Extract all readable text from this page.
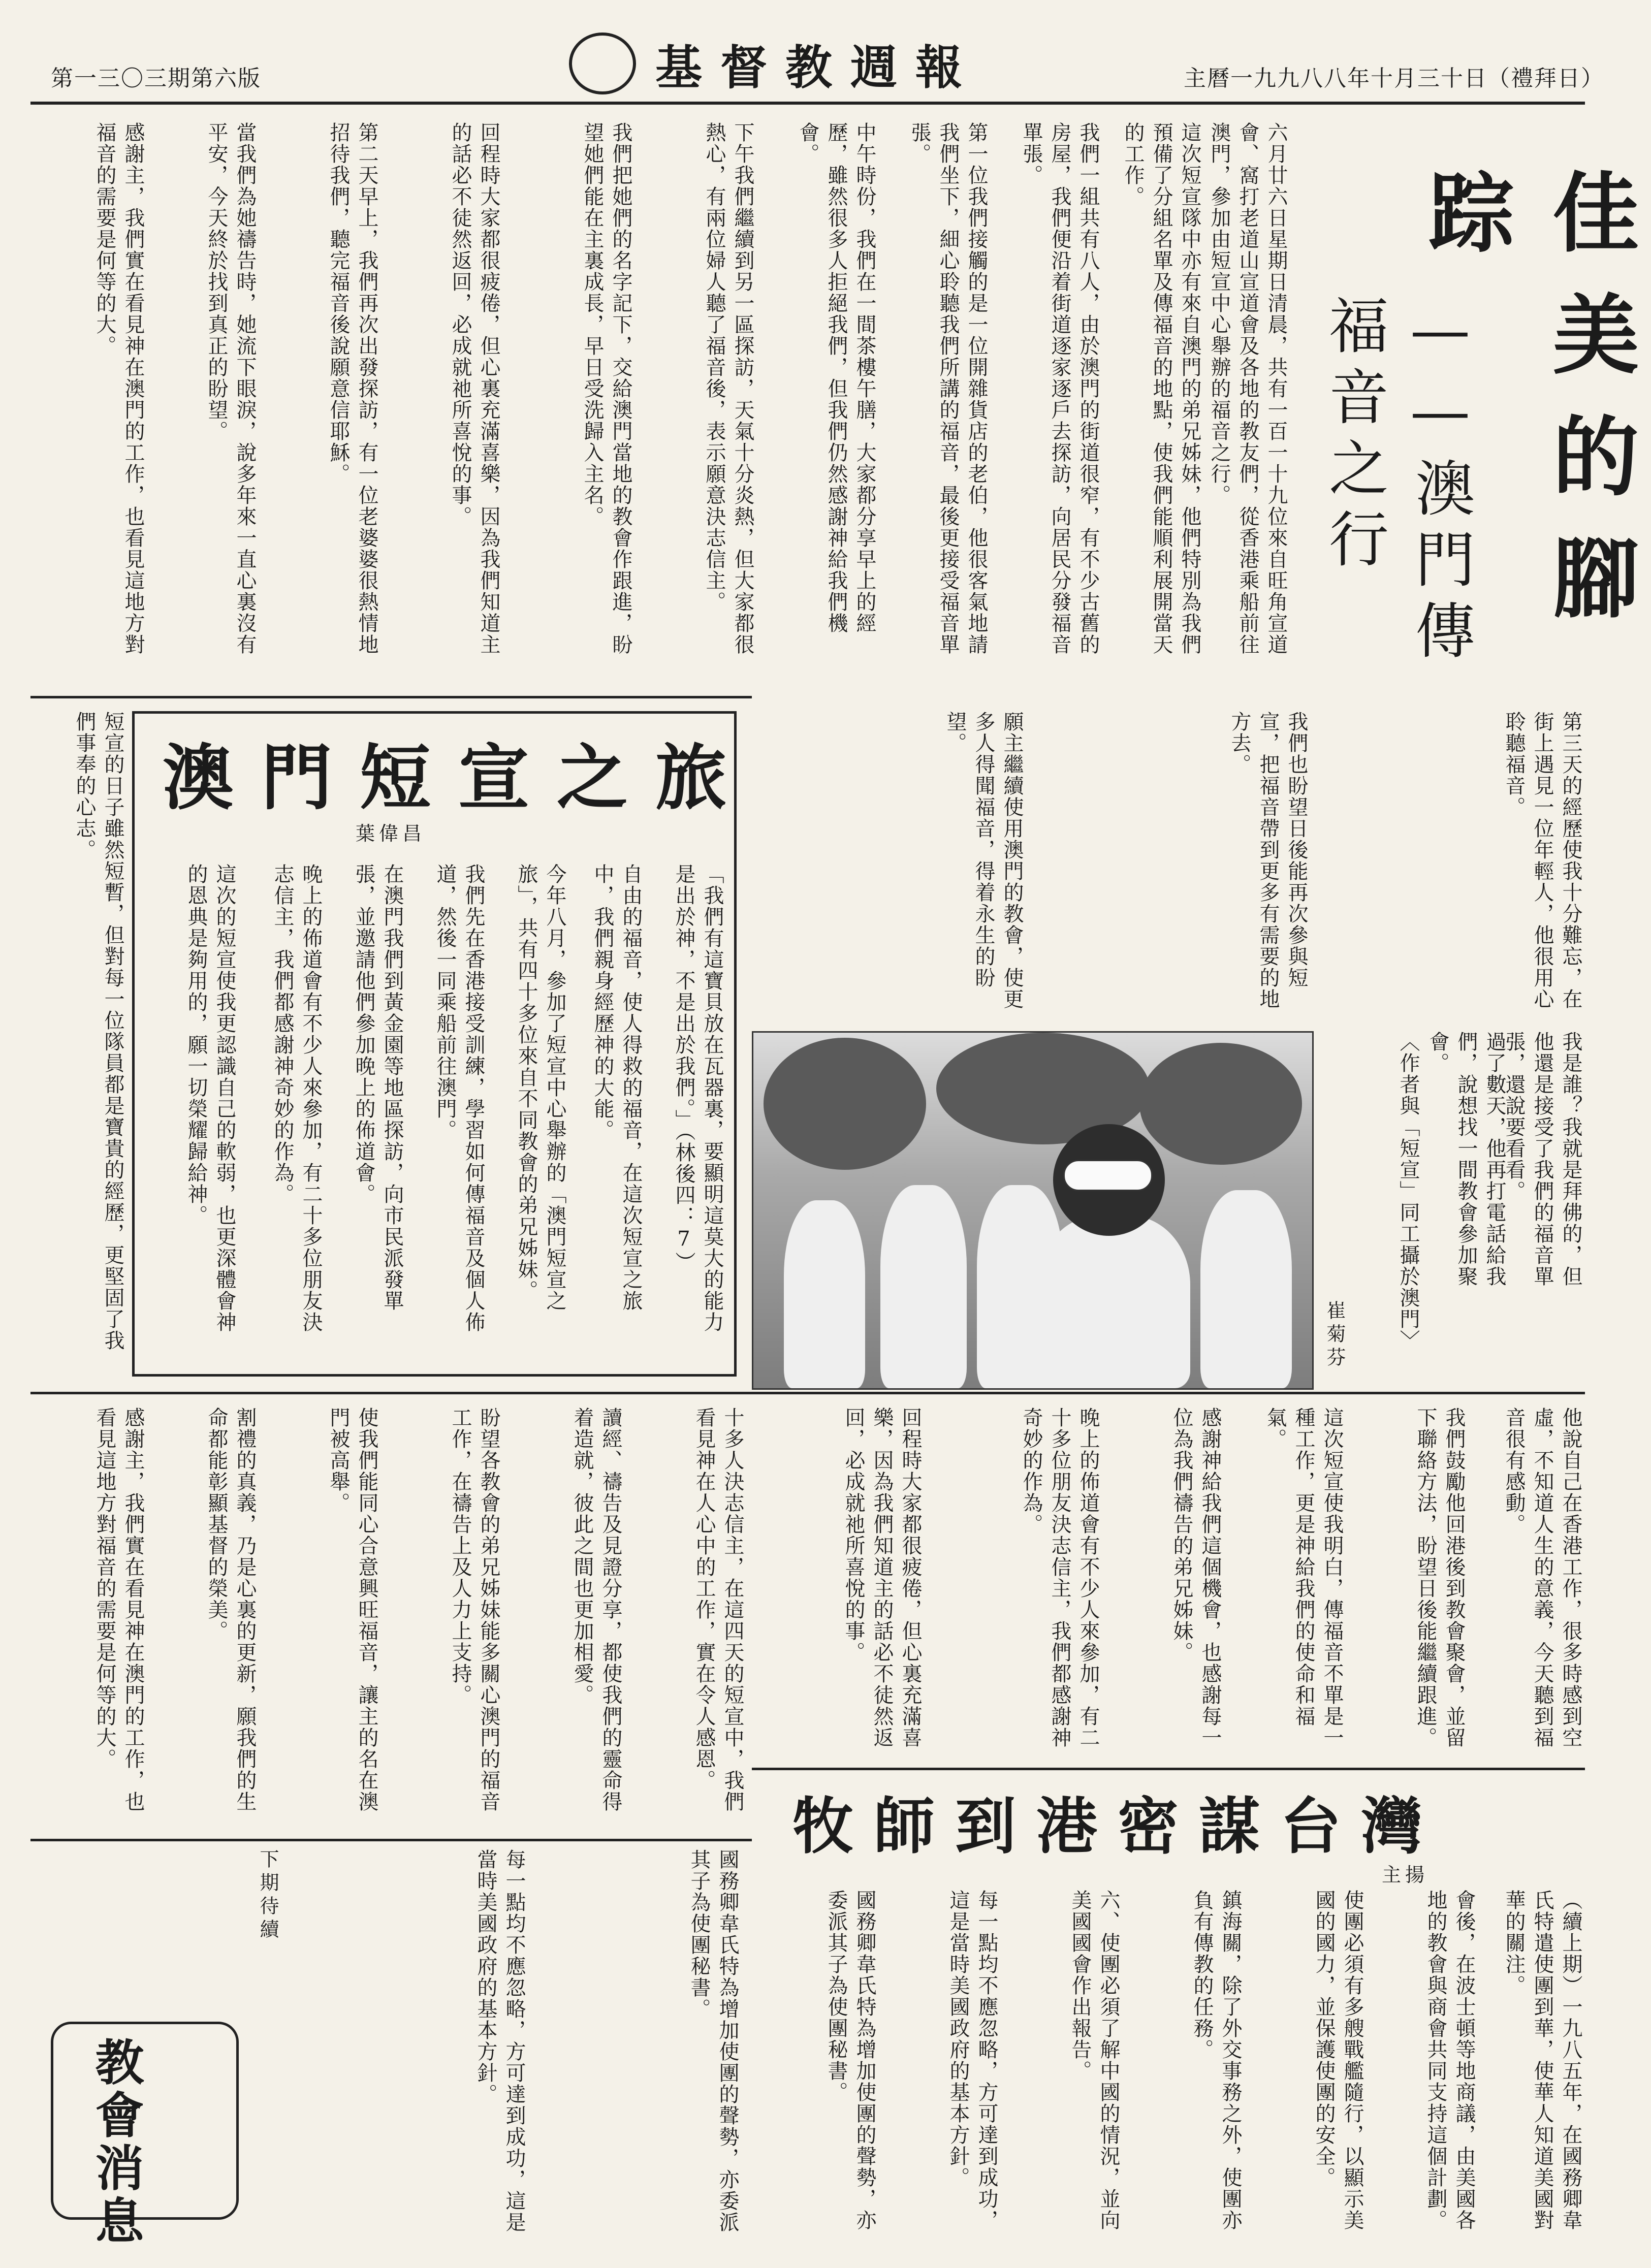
主曆一九九八八年十月三十日（禮拜日）
基督教週報
第一三〇三期第六版
佳美的腳踪
——澳門傳福音之行
六月廿六日星期日清晨，共有一百一十九位來自旺角宣道會、窩打老道山宣道會及各地的教友們，從香港乘船前往澳門，參加由短宣中心舉辦的福音之行。
這次短宣隊中亦有來自澳門的弟兄姊妹，他們特別為我們預備了分組名單及傳福音的地點，使我們能順利展開當天的工作。
我們一組共有八人，由於澳門的街道很窄，有不少古舊的房屋，我們便沿着街道逐家逐戶去探訪，向居民分發福音單張。
第一位我們接觸的是一位開雜貨店的老伯，他很客氣地請我們坐下，細心聆聽我們所講的福音，最後更接受福音單張。
中午時份，我們在一間茶樓午膳，大家都分享早上的經歷，雖然很多人拒絕我們，但我們仍然感謝神給我們機會。
下午我們繼續到另一區探訪，天氣十分炎熱，但大家都很熱心，有兩位婦人聽了福音後，表示願意決志信主。
我們把她們的名字記下，交給澳門當地的教會作跟進，盼望她們能在主裏成長，早日受洗歸入主名。
回程時大家都很疲倦，但心裏充滿喜樂，因為我們知道主的話必不徒然返回，必成就祂所喜悅的事。
第二天早上，我們再次出發探訪，有一位老婆婆很熱情地招待我們，聽完福音後說願意信耶穌。
當我們為她禱告時，她流下眼淚，說多年來一直心裏沒有平安，今天終於找到真正的盼望。
感謝主，我們實在看見神在澳門的工作，也看見這地方對福音的需要是何等的大。
澳門短宣之旅
葉偉昌
「我們有這寶貝放在瓦器裏，要顯明這莫大的能力是出於神，不是出於我們。」（林後四：7）
自由的福音，使人得救的福音，在這次短宣之旅中，我們親身經歷神的大能。
今年八月，參加了短宣中心舉辦的「澳門短宣之旅」，共有四十多位來自不同教會的弟兄姊妹。
我們先在香港接受訓練，學習如何傳福音及個人佈道，然後一同乘船前往澳門。
在澳門我們到黃金園等地區探訪，向市民派發單張，並邀請他們參加晚上的佈道會。
晚上的佈道會有不少人來參加，有二十多位朋友決志信主，我們都感謝神奇妙的作為。
這次的短宣使我更認識自己的軟弱，也更深體會神的恩典是夠用的，願一切榮耀歸給神。
短宣的日子雖然短暫，但對每一位隊員都是寶貴的經歷，更堅固了我們事奉的心志。	願主繼續使用澳門的教會，使更多人得聞福音，得着永生的盼望。	我們也盼望日後能再次參與短宣，把福音帶到更多有需要的地方去。	第三天的經歷使我十分難忘，在街上遇見一位年輕人，他很用心聆聽福音。
我是誰？我就是拜佛的，但他還是接受了我們的福音單張，還說要看看。
過了數天，他再打電話給我們，說想找一間教會參加聚會。
〈作者與「短宣」同工攝於澳門〉
他說自己在香港工作，很多時感到空虛，不知道人生的意義，今天聽到福音很有感動。
我們鼓勵他回港後到教會聚會，並留下聯絡方法，盼望日後能繼續跟進。
這次短宣使我明白，傳福音不單是一種工作，更是神給我們的使命和福氣。
感謝神給我們這個機會，也感謝每一位為我們禱告的弟兄姊妹。
崔菊芬
十多人決志信主，在這四天的短宣中，我們看見神在人心中的工作，實在令人感恩。
讀經、禱告及見證分享，都使我們的靈命得着造就，彼此之間也更加相愛。
盼望各教會的弟兄姊妹能多關心澳門的福音工作，在禱告上及人力上支持。
使我們能同心合意興旺福音，讓主的名在澳門被高舉。
割禮的真義，乃是心裏的更新，願我們的生命都能彰顯基督的榮美。
感謝主，我們實在看見神在澳門的工作，也看見這地方對福音的需要是何等的大。	回程時大家都很疲倦，但心裏充滿喜樂，因為我們知道主的話必不徒然返回，必成就祂所喜悅的事。	晚上的佈道會有不少人來參加，有二十多位朋友決志信主，我們都感謝神奇妙的作為。
牧師到港密謀台灣
主揚
（續上期）一九八五年，在國務卿韋氏特遣使團到華，使華人知道美國對華的關注。
會後，在波士頓等地商議，由美國各地的教會與商會共同支持這個計劃。
使團必須有多艘戰艦隨行，以顯示美國的國力，並保護使團的安全。
鎮海關，除了外交事務之外，使團亦負有傳教的任務。
六、使團必須了解中國的情況，並向美國國會作出報告。
每一點均不應忽略，方可達到成功，這是當時美國政府的基本方針。
國務卿韋氏特為增加使團的聲勢，亦委派其子為使團秘書。
國務卿韋氏特為增加使團的聲勢，亦委派其子為使團秘書。
每一點均不應忽略，方可達到成功，這是當時美國政府的基本方針。
下期待續
教會消息
